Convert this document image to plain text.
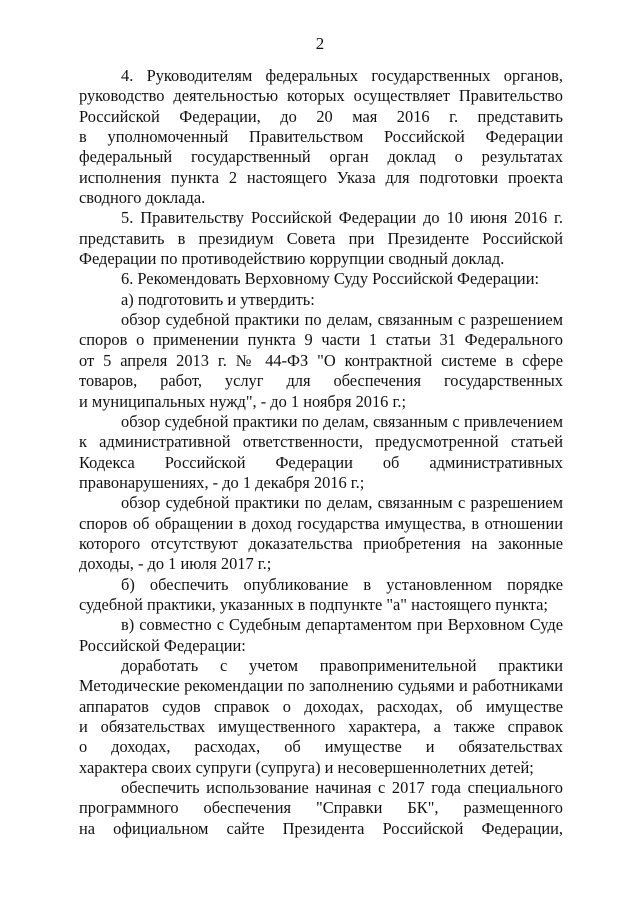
2
4. Руководителям федеральных государственных органов,
руководство деятельностью которых осуществляет Правительство
Российской Федерации, до 20 мая 2016 г. представить
в уполномоченный Правительством Российской Федерации
федеральный государственный орган доклад о результатах
исполнения пункта 2 настоящего Указа для подготовки проекта
сводного доклада.
5. Правительству Российской Федерации до 10 июня 2016 г.
представить в президиум Совета при Президенте Российской
Федерации по противодействию коррупции сводный доклад.
6. Рекомендовать Верховному Суду Российской Федерации:
а) подготовить и утвердить:
обзор судебной практики по делам, связанным с разрешением
споров о применении пункта 9 части 1 статьи 31 Федерального
от 5 апреля 2013 г. № 44-ФЗ "О контрактной системе в сфере
товаров, работ, услуг для обеспечения государственных
и муниципальных нужд", - до 1 ноября 2016 г.;
обзор судебной практики по делам, связанным с привлечением
к административной ответственности, предусмотренной статьей
Кодекса Российской Федерации об административных
правонарушениях, - до 1 декабря 2016 г.;
обзор судебной практики по делам, связанным с разрешением
споров об обращении в доход государства имущества, в отношении
которого отсутствуют доказательства приобретения на законные
доходы, - до 1 июля 2017 г.;
б) обеспечить опубликование в установленном порядке
судебной практики, указанных в подпункте "а" настоящего пункта;
в) совместно с Судебным департаментом при Верховном Суде
Российской Федерации:
доработать с учетом правоприменительной практики
Методические рекомендации по заполнению судьями и работниками
аппаратов судов справок о доходах, расходах, об имуществе
и обязательствах имущественного характера, а также справок
о доходах, расходах, об имуществе и обязательствах
характера своих супруги (супруга) и несовершеннолетних детей;
обеспечить использование начиная с 2017 года специального
программного обеспечения "Справки БК", размещенного
на официальном сайте Президента Российской Федерации,
